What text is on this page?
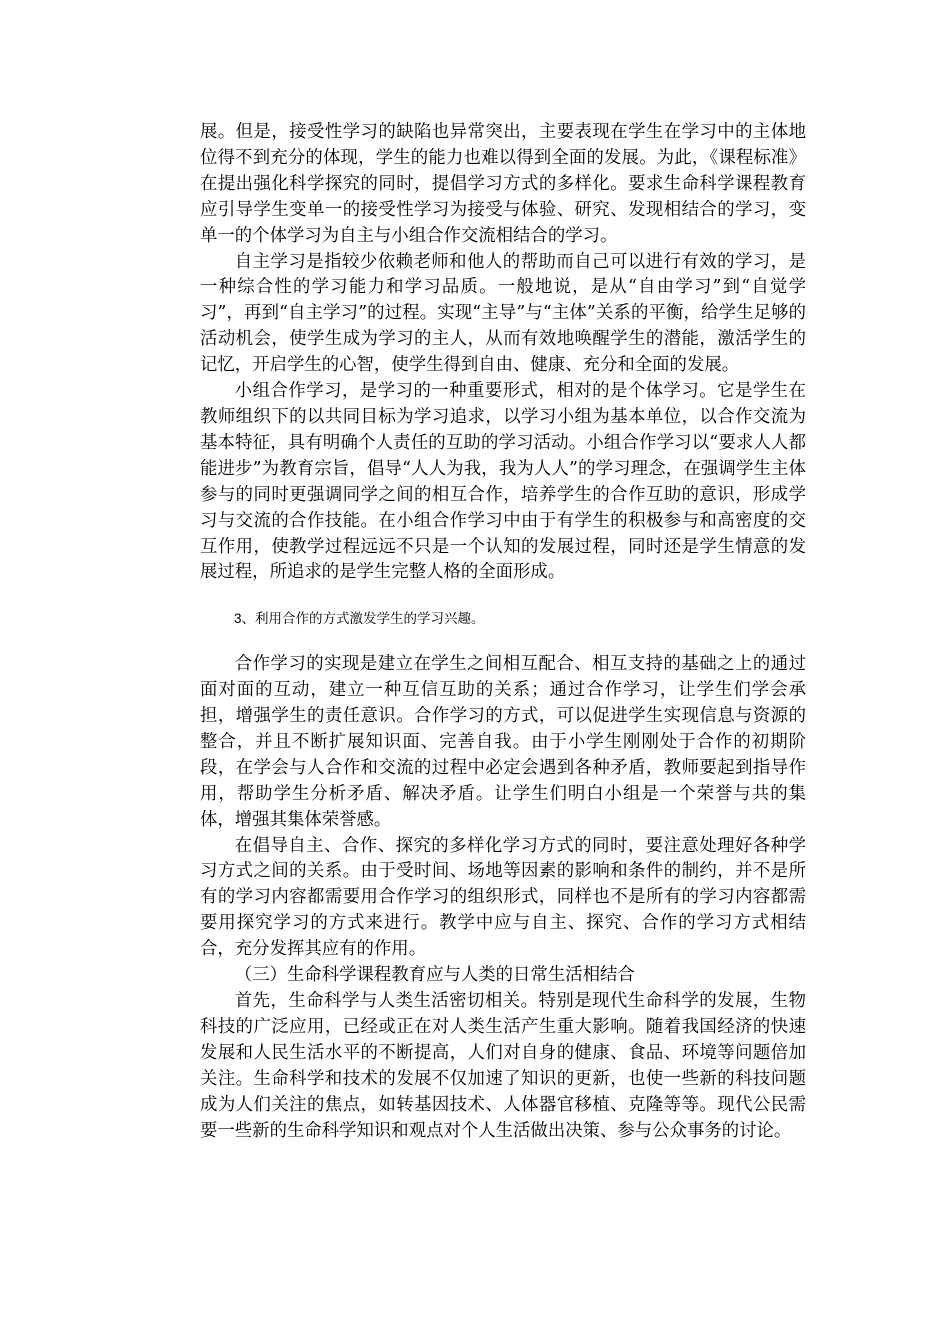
展。但是，接受性学习的缺陷也异常突出，主要表现在学生在学习中的主体地位得不到充分的体现，学生的能力也难以得到全面的发展。为此，《课程标准》在提出强化科学探究的同时，提倡学习方式的多样化。要求生命科学课程教育应引导学生变单一的接受性学习为接受与体验、研究、发现相结合的学习，变单一的个体学习为自主与小组合作交流相结合的学习。

自主学习是指较少依赖老师和他人的帮助而自己可以进行有效的学习，是一种综合性的学习能力和学习品质。一般地说，是从“自由学习”到“自觉学习”，再到“自主学习”的过程。实现“主导”与“主体”关系的平衡，给学生足够的活动机会，使学生成为学习的主人，从而有效地唤醒学生的潜能，激活学生的记忆，开启学生的心智，使学生得到自由、健康、充分和全面的发展。

小组合作学习，是学习的一种重要形式，相对的是个体学习。它是学生在教师组织下的以共同目标为学习追求，以学习小组为基本单位，以合作交流为基本特征，具有明确个人责任的互助的学习活动。小组合作学习以“要求人人都能进步”为教育宗旨，倡导“人人为我，我为人人”的学习理念，在强调学生主体参与的同时更强调同学之间的相互合作，培养学生的合作互助的意识，形成学习与交流的合作技能。在小组合作学习中由于有学生的积极参与和高密度的交互作用，使教学过程远远不只是一个认知的发展过程，同时还是学生情意的发展过程，所追求的是学生完整人格的全面形成。

3、利用合作的方式激发学生的学习兴趣。

合作学习的实现是建立在学生之间相互配合、相互支持的基础之上的通过面对面的互动，建立一种互信互助的关系；通过合作学习，让学生们学会承担，增强学生的责任意识。合作学习的方式，可以促进学生实现信息与资源的整合，并且不断扩展知识面、完善自我。由于小学生刚刚处于合作的初期阶段，在学会与人合作和交流的过程中必定会遇到各种矛盾，教师要起到指导作用，帮助学生分析矛盾、解决矛盾。让学生们明白小组是一个荣誉与共的集体，增强其集体荣誉感。

在倡导自主、合作、探究的多样化学习方式的同时，要注意处理好各种学习方式之间的关系。由于受时间、场地等因素的影响和条件的制约，并不是所有的学习内容都需要用合作学习的组织形式，同样也不是所有的学习内容都需要用探究学习的方式来进行。教学中应与自主、探究、合作的学习方式相结合，充分发挥其应有的作用。

（三）生命科学课程教育应与人类的日常生活相结合

首先，生命科学与人类生活密切相关。特别是现代生命科学的发展，生物科技的广泛应用，已经或正在对人类生活产生重大影响。随着我国经济的快速发展和人民生活水平的不断提高，人们对自身的健康、食品、环境等问题倍加关注。生命科学和技术的发展不仅加速了知识的更新，也使一些新的科技问题成为人们关注的焦点，如转基因技术、人体器官移植、克隆等等。现代公民需要一些新的生命科学知识和观点对个人生活做出决策、参与公众事务的讨论。
